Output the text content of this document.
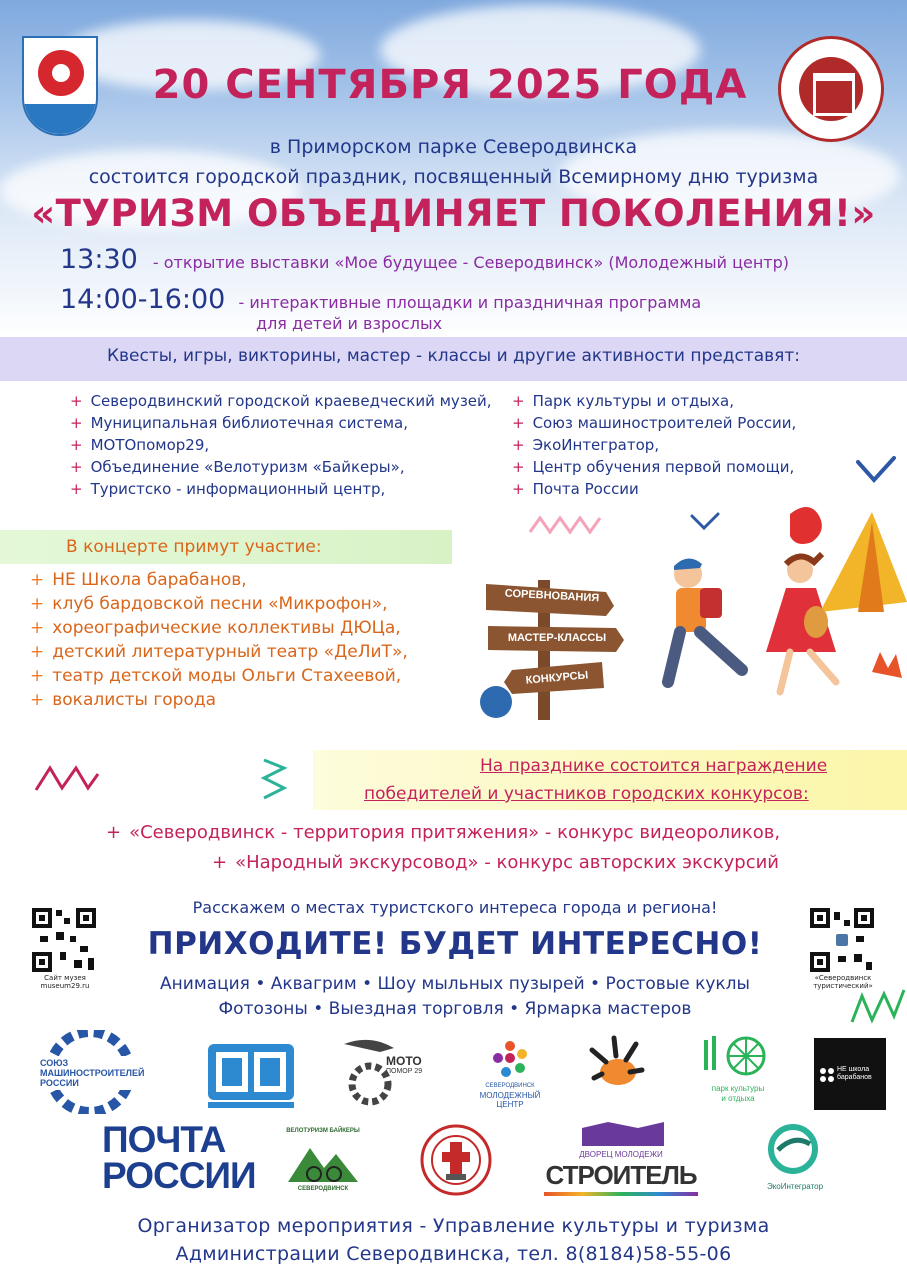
20 СЕНТЯБРЯ 2025 ГОДА
в Приморском парке Северодвинска
состоится городской праздник, посвященный Всемирному дню туризма
«ТУРИЗМ ОБЪЕДИНЯЕТ ПОКОЛЕНИЯ!»
13:30 - открытие выставки «Мое будущее - Северодвинск» (Молодежный центр)
14:00-16:00 - интерактивные площадки и праздничная программа
для детей и взрослых
Квесты, игры, викторины, мастер - классы и другие активности представят:
+ Северодвинский городской краеведческий музей,
+ Муниципальная библиотечная система,
+ МОТОпомор29,
+ Объединение «Велотуризм «Байкеры»,
+ Туристско - информационный центр,
+ Парк культуры и отдыха,
+ Союз машиностроителей России,
+ ЭкоИнтегратор,
+ Центр обучения первой помощи,
+ Почта России
В концерте примут участие:
+ НЕ Школа барабанов,
+ клуб бардовской песни «Микрофон»,
+ хореографические коллективы ДЮЦа,
+ детский литературный театр «ДеЛиТ»,
+ театр детской моды Ольги Стахеевой,
+ вокалисты города
СОРЕВНОВАНИЯ
МАСТЕР-КЛАССЫ
КОНКУРСЫ
На празднике состоится награждение
победителей и участников городских конкурсов:
+ «Северодвинск - территория притяжения» - конкурс видеороликов,
+ «Народный экскурсовод» - конкурс авторских экскурсий
Расскажем о местах туристского интереса города и региона!
ПРИХОДИТЕ! БУДЕТ ИНТЕРЕСНО!
Анимация • Аквагрим • Шоу мыльных пузырей • Ростовые куклы
Фотозоны • Выездная торговля • Ярмарка мастеров
Сайт музея
museum29.ru
«Северодвинск
туристический»
СОЮЗ
МАШИНОСТРОИТЕЛЕЙ
РОССИИ
МОТО
ПОМОР 29
СЕВЕРОДВИНСК
МОЛОДЕЖНЫЙ
ЦЕНТР
парк культуры
и отдыха
НЕ школа
барабанов
ПОЧТА
РОССИИ
ВЕЛОТУРИЗМ БАЙКЕРЫ
СЕВЕРОДВИНСК
ДВОРЕЦ МОЛОДЕЖИ
СТРОИТЕЛЬ	ЭкоИнтегратор
Организатор мероприятия - Управление культуры и туризма
Администрации Северодвинска, тел. 8(8184)58-55-06
